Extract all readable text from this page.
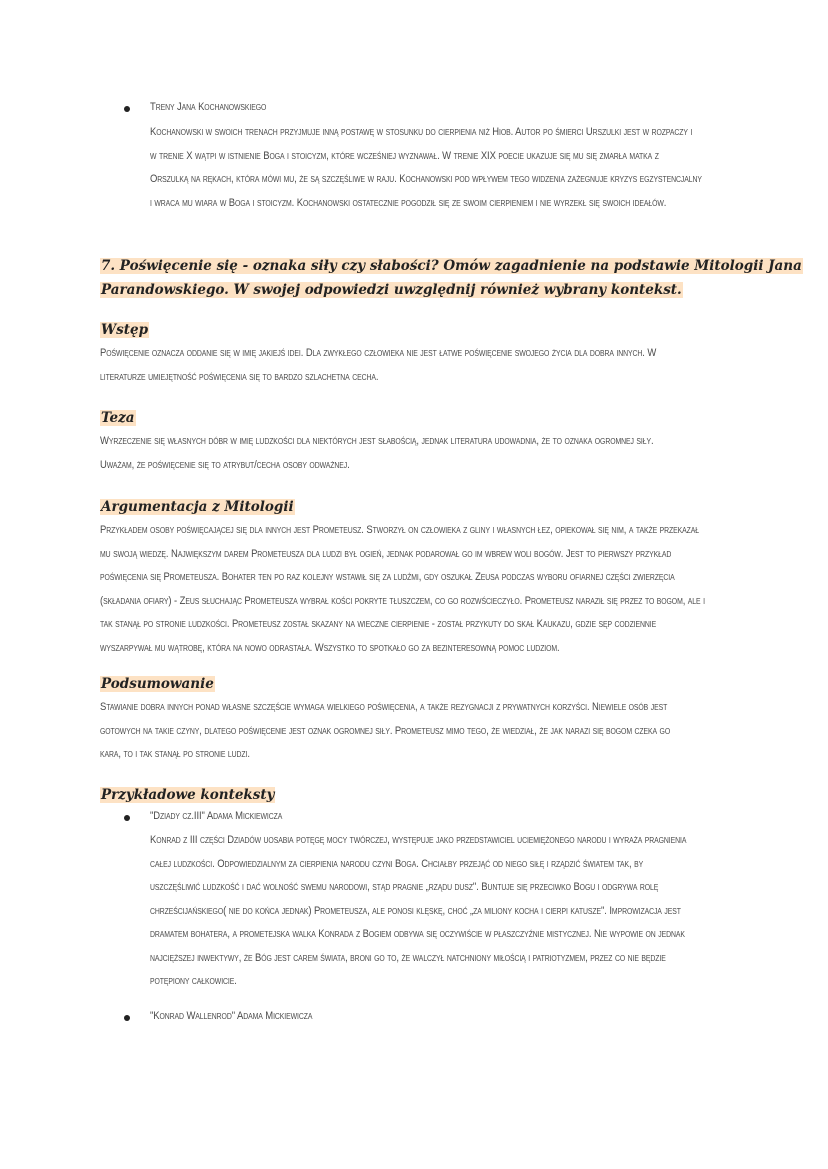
Treny Jana Kochanowskiego
Kochanowski w swoich trenach przyjmuje inną postawę w stosunku do cierpienia niż Hiob. Autor po śmierci Urszulki jest w rozpaczy i
w trenie X wątpi w istnienie Boga i stoicyzm, które wcześniej wyznawał. W trenie XIX poecie ukazuje się mu się zmarła matka z
Orszulką na rękach, która mówi mu, że są szczęśliwe w raju. Kochanowski pod wpływem tego widzenia zażegnuje kryzys egzystencjalny
i wraca mu wiara w Boga i stoicyzm. Kochanowski ostatecznie pogodził się ze swoim cierpieniem i nie wyrzekł się swoich ideałów.
7. Poświęcenie się - oznaka siły czy słabości? Omów zagadnienie na podstawie Mitologii Jana
Parandowskiego. W swojej odpowiedzi uwzględnij również wybrany kontekst.
Wstęp
Poświęcenie oznacza oddanie się w imię jakiejś idei. Dla zwykłego człowieka nie jest łatwe poświęcenie swojego życia dla dobra innych. W
literaturze umiejętność poświęcenia się to bardzo szlachetna cecha.
Teza
Wyrzeczenie się własnych dóbr w imię ludzkości dla niektórych jest słabością, jednak literatura udowadnia, że to oznaka ogromnej siły.
Uważam, że poświęcenie się to atrybut/cecha osoby odważnej.
Argumentacja z Mitologii
Przykładem osoby poświęcającej się dla innych jest Prometeusz. Stworzył on człowieka z gliny i własnych łez, opiekował się nim, a także przekazał
mu swoją wiedzę. Największym darem Prometeusza dla ludzi był ogień, jednak podarował go im wbrew woli bogów. Jest to pierwszy przykład
poświęcenia się Prometeusza. Bohater ten po raz kolejny wstawił się za ludźmi, gdy oszukał Zeusa podczas wyboru ofiarnej części zwierzęcia
(składania ofiary) - Zeus słuchając Prometeusza wybrał kości pokryte tłuszczem, co go rozwścieczyło. Prometeusz naraził się przez to bogom, ale i
tak stanął po stronie ludzkości. Prometeusz został skazany na wieczne cierpienie - został przykuty do skał Kaukazu, gdzie sęp codziennie
wyszarpywał mu wątrobę, która na nowo odrastała. Wszystko to spotkało go za bezinteresowną pomoc ludziom.
Podsumowanie
Stawianie dobra innych ponad własne szczęście wymaga wielkiego poświęcenia, a także rezygnacji z prywatnych korzyści. Niewiele osób jest
gotowych na takie czyny, dlatego poświęcenie jest oznak ogromnej siły. Prometeusz mimo tego, że wiedział, że jak narazi się bogom czeka go
kara, to i tak stanął po stronie ludzi.
Przykładowe konteksty
"Dziady cz.III" Adama Mickiewicza
Konrad z III części Dziadów uosabia potęgę mocy twórczej, występuje jako przedstawiciel uciemiężonego narodu i wyraża pragnienia
całej ludzkości. Odpowiedzialnym za cierpienia narodu czyni Boga. Chciałby przejąć od niego siłę i rządzić światem tak, by
uszczęśliwić ludzkość i dać wolność swemu narodowi, stąd pragnie „rządu dusz". Buntuje się przeciwko Bogu i odgrywa rolę
chrześcijańskiego( nie do końca jednak) Prometeusza, ale ponosi klęskę, choć „za miliony kocha i cierpi katusze". Improwizacja jest
dramatem bohatera, a prometejska walka Konrada z Bogiem odbywa się oczywiście w płaszczyźnie mistycznej. Nie wypowie on jednak
najcięższej inwektywy, że Bóg jest carem świata, broni go to, że walczył natchniony miłością i patriotyzmem, przez co nie będzie
potępiony całkowicie.
"Konrad Wallenrod" Adama Mickiewicza
